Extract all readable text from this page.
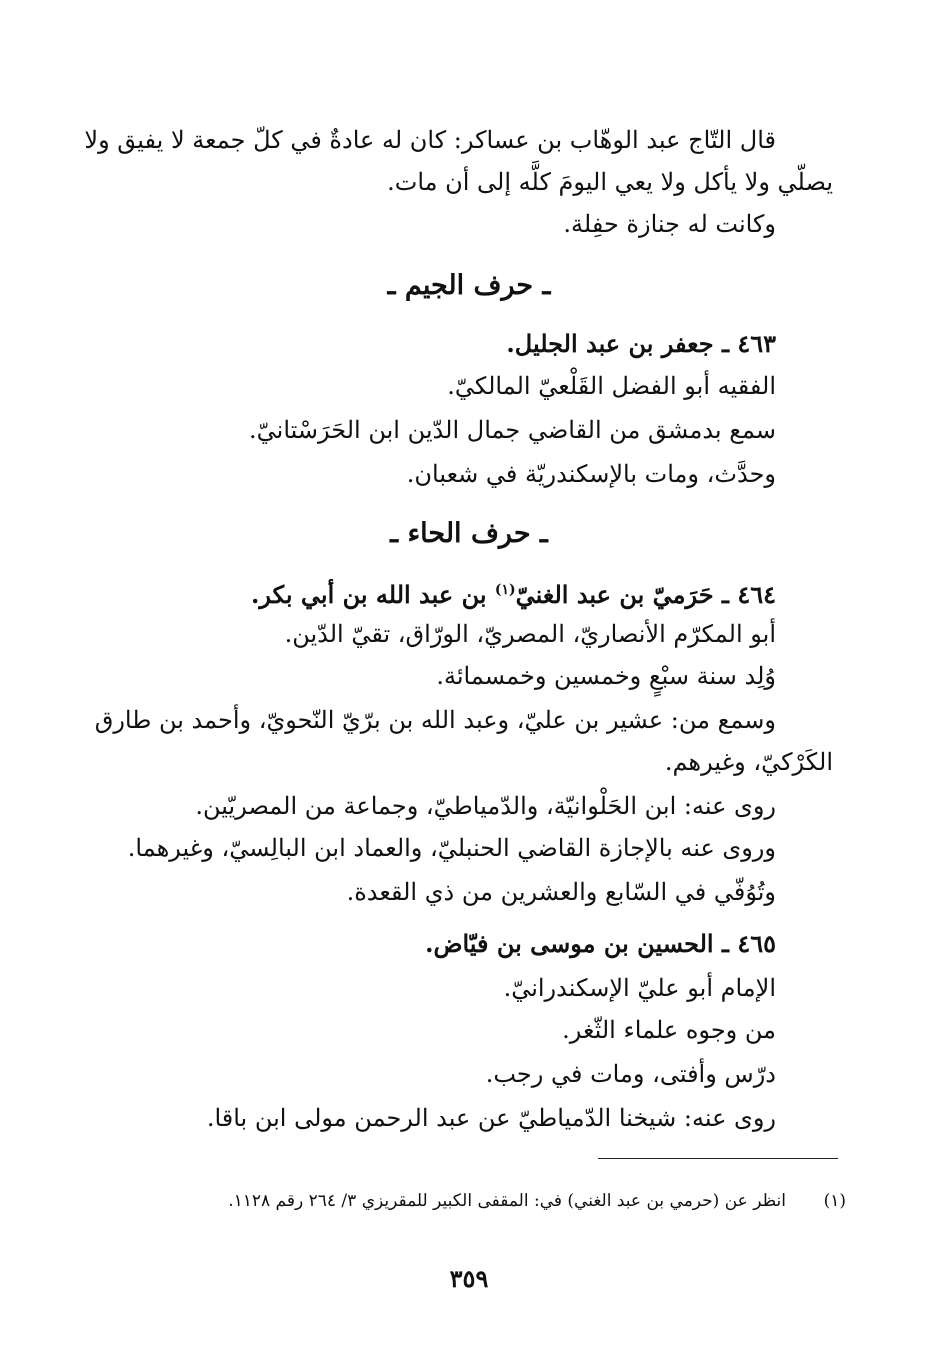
قال التّاج عبد الوهّاب بن عساكر: كان له عادةٌ في كلّ جمعة لا يفيق ولا
يصلّي ولا يأكل ولا يعي اليومَ كلَّه إلى أن مات.
وكانت له جنازة حفِلة.
ـ حرف الجيم ـ
٤٦٣ ـ جعفر بن عبد الجليل.
الفقيه أبو الفضل القَلْعيّ المالكيّ.
سمع بدمشق من القاضي جمال الدّين ابن الحَرَسْتانيّ.
وحدَّث، ومات بالإسكندريّة في شعبان.
ـ حرف الحاء ـ
٤٦٤ ـ حَرَميّ بن عبد الغنيّ$^{(١)}$ بن عبد الله بن أبي بكر.
أبو المكرّم الأنصاريّ، المصريّ، الورّاق، تقيّ الدّين.
وُلِد سنة سبْعٍ وخمسين وخمسمائة.
وسمع من: عشير بن عليّ، وعبد الله بن برّيّ النّحويّ، وأحمد بن طارق
الكَرْكيّ، وغيرهم.
روى عنه: ابن الحَلْوانيّة، والدّمياطيّ، وجماعة من المصريّين.
وروى عنه بالإجازة القاضي الحنبليّ، والعماد ابن البالِسيّ، وغيرهما.
وتُوُفّي في السّابع والعشرين من ذي القعدة.
٤٦٥ ـ الحسين بن موسى بن فيّاض.
الإمام أبو عليّ الإسكندرانيّ.
من وجوه علماء الثّغر.
درّس وأفتى، ومات في رجب.
روى عنه: شيخنا الدّمياطيّ عن عبد الرحمن مولى ابن باقا.
(١)انظر عن (حرمي بن عبد الغني) في: المقفى الكبير للمقريزي ٣/ ٢٦٤ رقم ١١٢٨.
٣٥٩
